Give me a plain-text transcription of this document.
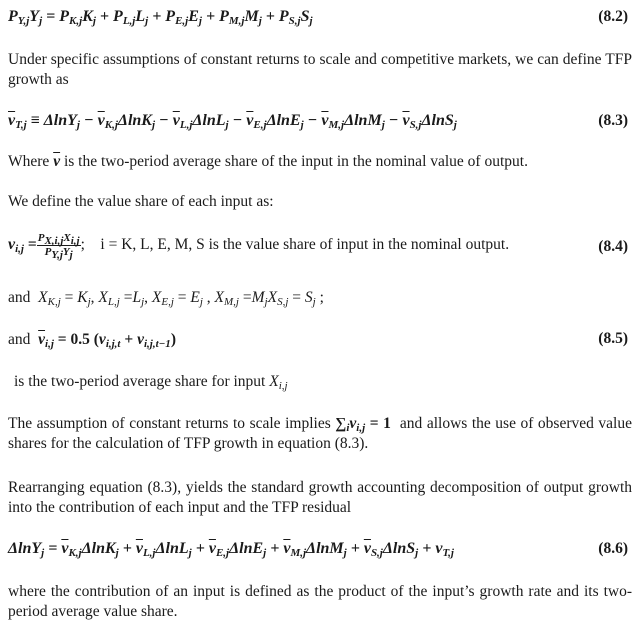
$P_{Y,j}Y_j = P_{K,j}K_j + P_{L,j}L_j + P_{E,j}E_j + P_{M,j}M_j + P_{S,j}S_j$	(8.2)
Under specific assumptions of constant returns to scale and competitive markets, we can define TFP growth as
$\overline{v}_{T,j} \equiv \Delta\ln Y_j - \overline{v}_{K,j}\Delta\ln K_j - \overline{v}_{L,j}\Delta\ln L_j - \overline{v}_{E,j}\Delta\ln E_j - \overline{v}_{M,j}\Delta\ln M_j - \overline{v}_{S,j}\Delta\ln S_j$	(8.3)
Where $\overline{v}$ is the two-period average share of the input in the nominal value of output.
We define the value share of each input as:
$v_{i,j} = \frac{P_{X,i,j}X_{i,j}}{P_{Y,j}Y_j}$ ;    i = K, L, E, M, S is the value share of input in the nominal output.	(8.4)
and $X_{K,j} = K_j$, $X_{L,j} =L_j$, $X_{E,j} = E_j$ , $X_{M,j} =M_jX_{S,j} = S_j$ ;
and $\overline{v}_{i,j} = 0.5$ $(v_{i,j,t} + v_{i,j,t-1})$	(8.5)
is the two-period average share for input $X_{i,j}$
The assumption of constant returns to scale implies $\sum_iv_{i,j} = 1$ and allows the use of observed value shares for the calculation of TFP growth in equation (8.3).
Rearranging equation (8.3), yields the standard growth accounting decomposition of output growth into the contribution of each input and the TFP residual
$\Delta\ln Y_j = \overline{v}_{K,j}\Delta\ln K_j + \overline{v}_{L,j}\Delta\ln L_j + \overline{v}_{E,j}\Delta\ln E_j + \overline{v}_{M,j}\Delta\ln M_j + \overline{v}_{S,j}\Delta\ln S_j + v_{T,j}$	(8.6)
where the contribution of an input is defined as the product of the input’s growth rate and its two-period average value share.
